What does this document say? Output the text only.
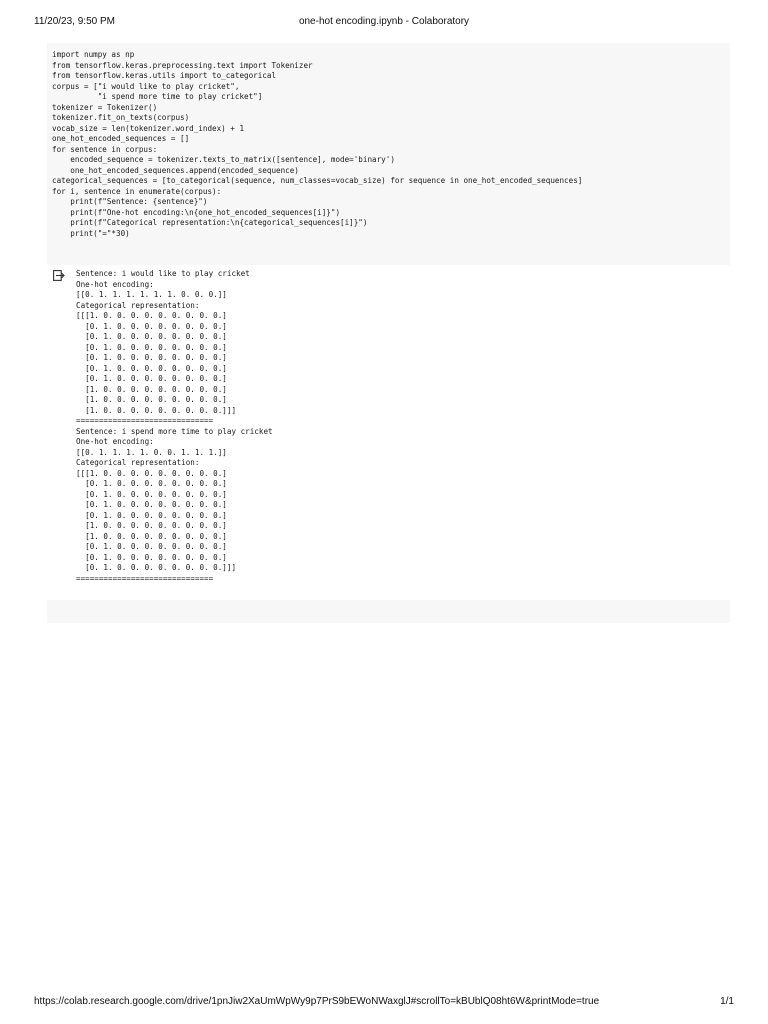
11/20/23, 9:50 PM	one-hot encoding.ipynb - Colaboratory
import numpy as np
from tensorflow.keras.preprocessing.text import Tokenizer
from tensorflow.keras.utils import to_categorical
corpus = ["i would like to play cricket",
"i spend more time to play cricket"]
tokenizer = Tokenizer()
tokenizer.fit_on_texts(corpus)
vocab_size = len(tokenizer.word_index) + 1
one_hot_encoded_sequences = []
for sentence in corpus:
encoded_sequence = tokenizer.texts_to_matrix([sentence], mode='binary')
one_hot_encoded_sequences.append(encoded_sequence)
categorical_sequences = [to_categorical(sequence, num_classes=vocab_size) for sequence in one_hot_encoded_sequences]
for i, sentence in enumerate(corpus):
print(f"Sentence: {sentence}")
print(f"One-hot encoding:\n{one_hot_encoded_sequences[i]}")
print(f"Categorical representation:\n{categorical_sequences[i]}")
print("="*30)
Sentence: i would like to play cricket
One-hot encoding:
[[0. 1. 1. 1. 1. 1. 1. 0. 0. 0.]]
Categorical representation:
[[[1. 0. 0. 0. 0. 0. 0. 0. 0. 0.]
[0. 1. 0. 0. 0. 0. 0. 0. 0. 0.]
[0. 1. 0. 0. 0. 0. 0. 0. 0. 0.]
[0. 1. 0. 0. 0. 0. 0. 0. 0. 0.]
[0. 1. 0. 0. 0. 0. 0. 0. 0. 0.]
[0. 1. 0. 0. 0. 0. 0. 0. 0. 0.]
[0. 1. 0. 0. 0. 0. 0. 0. 0. 0.]
[1. 0. 0. 0. 0. 0. 0. 0. 0. 0.]
[1. 0. 0. 0. 0. 0. 0. 0. 0. 0.]
[1. 0. 0. 0. 0. 0. 0. 0. 0. 0.]]]
==============================
Sentence: i spend more time to play cricket
One-hot encoding:
[[0. 1. 1. 1. 1. 0. 0. 1. 1. 1.]]
Categorical representation:
[[[1. 0. 0. 0. 0. 0. 0. 0. 0. 0.]
[0. 1. 0. 0. 0. 0. 0. 0. 0. 0.]
[0. 1. 0. 0. 0. 0. 0. 0. 0. 0.]
[0. 1. 0. 0. 0. 0. 0. 0. 0. 0.]
[0. 1. 0. 0. 0. 0. 0. 0. 0. 0.]
[1. 0. 0. 0. 0. 0. 0. 0. 0. 0.]
[1. 0. 0. 0. 0. 0. 0. 0. 0. 0.]
[0. 1. 0. 0. 0. 0. 0. 0. 0. 0.]
[0. 1. 0. 0. 0. 0. 0. 0. 0. 0.]
[0. 1. 0. 0. 0. 0. 0. 0. 0. 0.]]]
==============================
https://colab.research.google.com/drive/1pnJiw2XaUmWpWy9p7PrS9bEWoNWaxglJ#scrollTo=kBUblQ08ht6W&printMode=true	1/1
